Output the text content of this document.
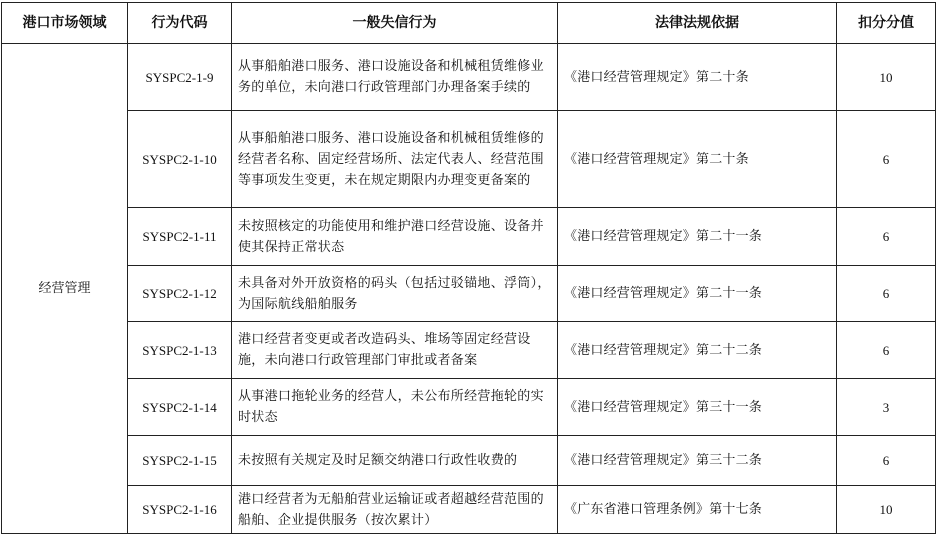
港口市场领域	行为代码	一般失信行为	法律法规依据	扣分分值
经营管理	SYSPC2-1-9	从事船舶港口服务、港口设施设备和机械租赁维修业务的单位，未向港口行政管理部门办理备案手续的	《港口经营管理规定》第二十条	10
	SYSPC2-1-10	从事船舶港口服务、港口设施设备和机械租赁维修的经营者名称、固定经营场所、法定代表人、经营范围等事项发生变更，未在规定期限内办理变更备案的	《港口经营管理规定》第二十条	6
	SYSPC2-1-11	未按照核定的功能使用和维护港口经营设施、设备并使其保持正常状态	《港口经营管理规定》第二十一条	6
	SYSPC2-1-12	未具备对外开放资格的码头（包括过驳锚地、浮筒），为国际航线船舶服务	《港口经营管理规定》第二十一条	6
	SYSPC2-1-13	港口经营者变更或者改造码头、堆场等固定经营设施，未向港口行政管理部门审批或者备案	《港口经营管理规定》第二十二条	6
	SYSPC2-1-14	从事港口拖轮业务的经营人，未公布所经营拖轮的实时状态	《港口经营管理规定》第三十一条	3
	SYSPC2-1-15	未按照有关规定及时足额交纳港口行政性收费的	《港口经营管理规定》第三十二条	6
	SYSPC2-1-16	港口经营者为无船舶营业运输证或者超越经营范围的船舶、企业提供服务（按次累计）	《广东省港口管理条例》第十七条	10
